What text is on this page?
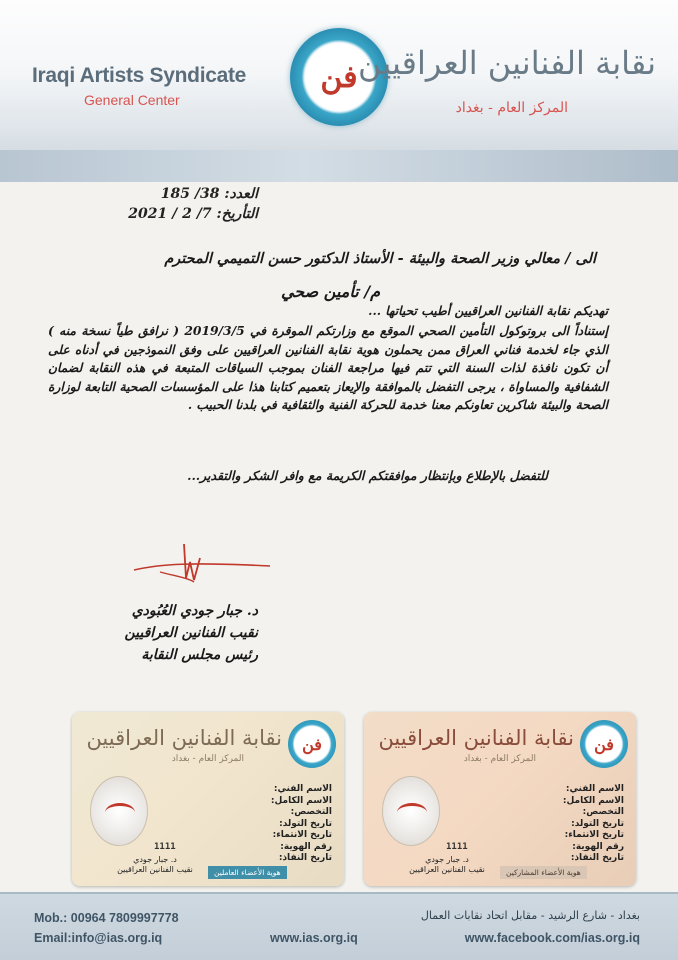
Iraqi Artists Syndicate
General Center
فن نقابة الفنانين العراقيين
المركز العام - بغداد
العدد: 38/ 185
التأريخ: 7/ 2 / 2021
الى / معالي وزير الصحة والبيئة - الأستاذ الدكتور حسن التميمي المحترم
م/ تأمين صحي
تهديكم نقابة الفنانين العراقيين أطيب تحياتها ...
إستناداً الى بروتوكول التأمين الصحي الموقع مع وزارتكم الموقرة في 2019/3/5 ( نرافق طياً نسخة منه ) الذي جاء لخدمة فناني العراق ممن يحملون هوية نقابة الفنانين العراقيين على وفق النموذجين في أدناه على أن تكون نافذة لذات السنة التي تتم فيها مراجعة الفنان بموجب السياقات المتبعة في هذه النقابة لضمان الشفافية والمساواة ، يرجى التفضل بالموافقة والإيعاز بتعميم كتابنا هذا على المؤسسات الصحية التابعة لوزارة الصحة والبيئة شاكرين تعاونكم معنا خدمة للحركة الفنية والثقافية في بلدنا الحبيب .
للتفضل بالإطلاع وبإنتظار موافقتكم الكريمة مع وافر الشكر والتقدير...
د. جبار جودي العُبُودي
نقيب الفنانين العراقيين
رئيس مجلس النقابة
نقابة الفنانين العراقيين
المركز العام - بغداد
فن
الاسم الفني:
الاسم الكامل:
التخصص:
تاريخ التولد:
تاريخ الانتماء:
رقم الهوية:
تاريخ النفاذ:
1111
د. جبار جودي
نقيب الفنانين العراقيين	هوية الأعضاء العاملين
نقابة الفنانين العراقيين
المركز العام - بغداد
فن
الاسم الفني:
الاسم الكامل:
التخصص:
تاريخ التولد:
تاريخ الانتماء:
رقم الهوية:
تاريخ النفاذ:
1111
د. جبار جودي
نقيب الفنانين العراقيين	هوية الأعضاء المشاركين
Mob.: 00964 7809997778
Email:info@ias.org.iq	www.ias.org.iq	www.facebook.com/ias.org.iq
بغداد - شارع الرشيد - مقابل اتحاد نقابات العمال
